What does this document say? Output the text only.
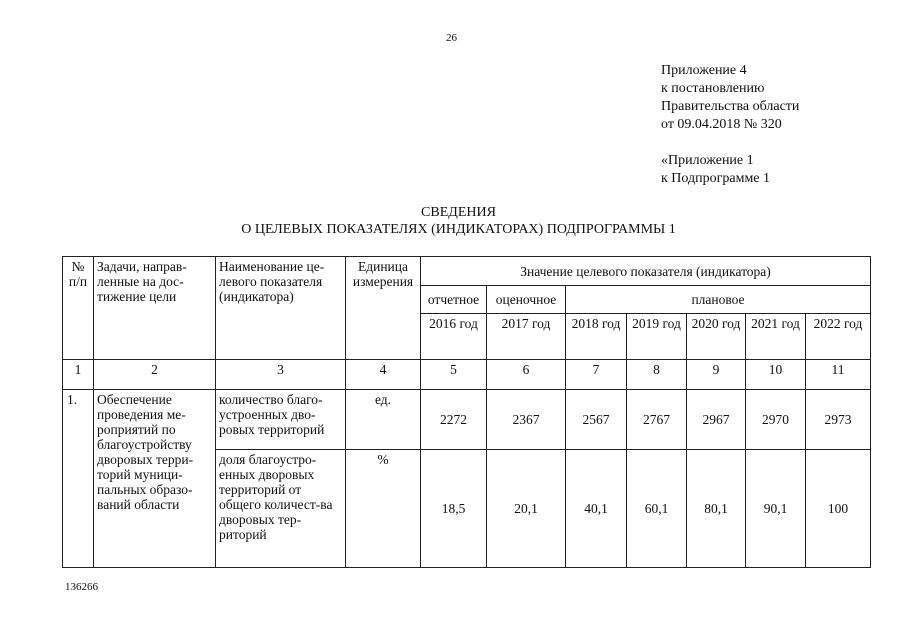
26
Приложение 4
к постановлению
Правительства области
от 09.04.2018 № 320
«Приложение 1
к Подпрограмме 1
СВЕДЕНИЯ
О ЦЕЛЕВЫХ ПОКАЗАТЕЛЯХ (ИНДИКАТОРАХ) ПОДПРОГРАММЫ 1
№ п/п	Задачи, направ-ленные на дос-тижение цели	Наименование це-левого показателя (индикатора)	Единица измерения	Значение целевого показателя (индикатора)						
				отчетное	оценочное	плановое				
				2016 год	2017 год	2018 год	2019 год	2020 год	2021 год	2022 год
1	2	3	4	5	6	7	8	9	10	11
1.	Обеспечение проведения ме-роприятий по благоустройству дворовых терри-торий муници-пальных образо-ваний области	количество благо-устроенных дво-ровых территорий	ед.	2272	2367	2567	2767	2967	2970	2973
		доля благоустро-енных дворовых территорий от общего количест-ва дворовых тер-риторий	%	18,5	20,1	40,1	60,1	80,1	90,1	100
136266
